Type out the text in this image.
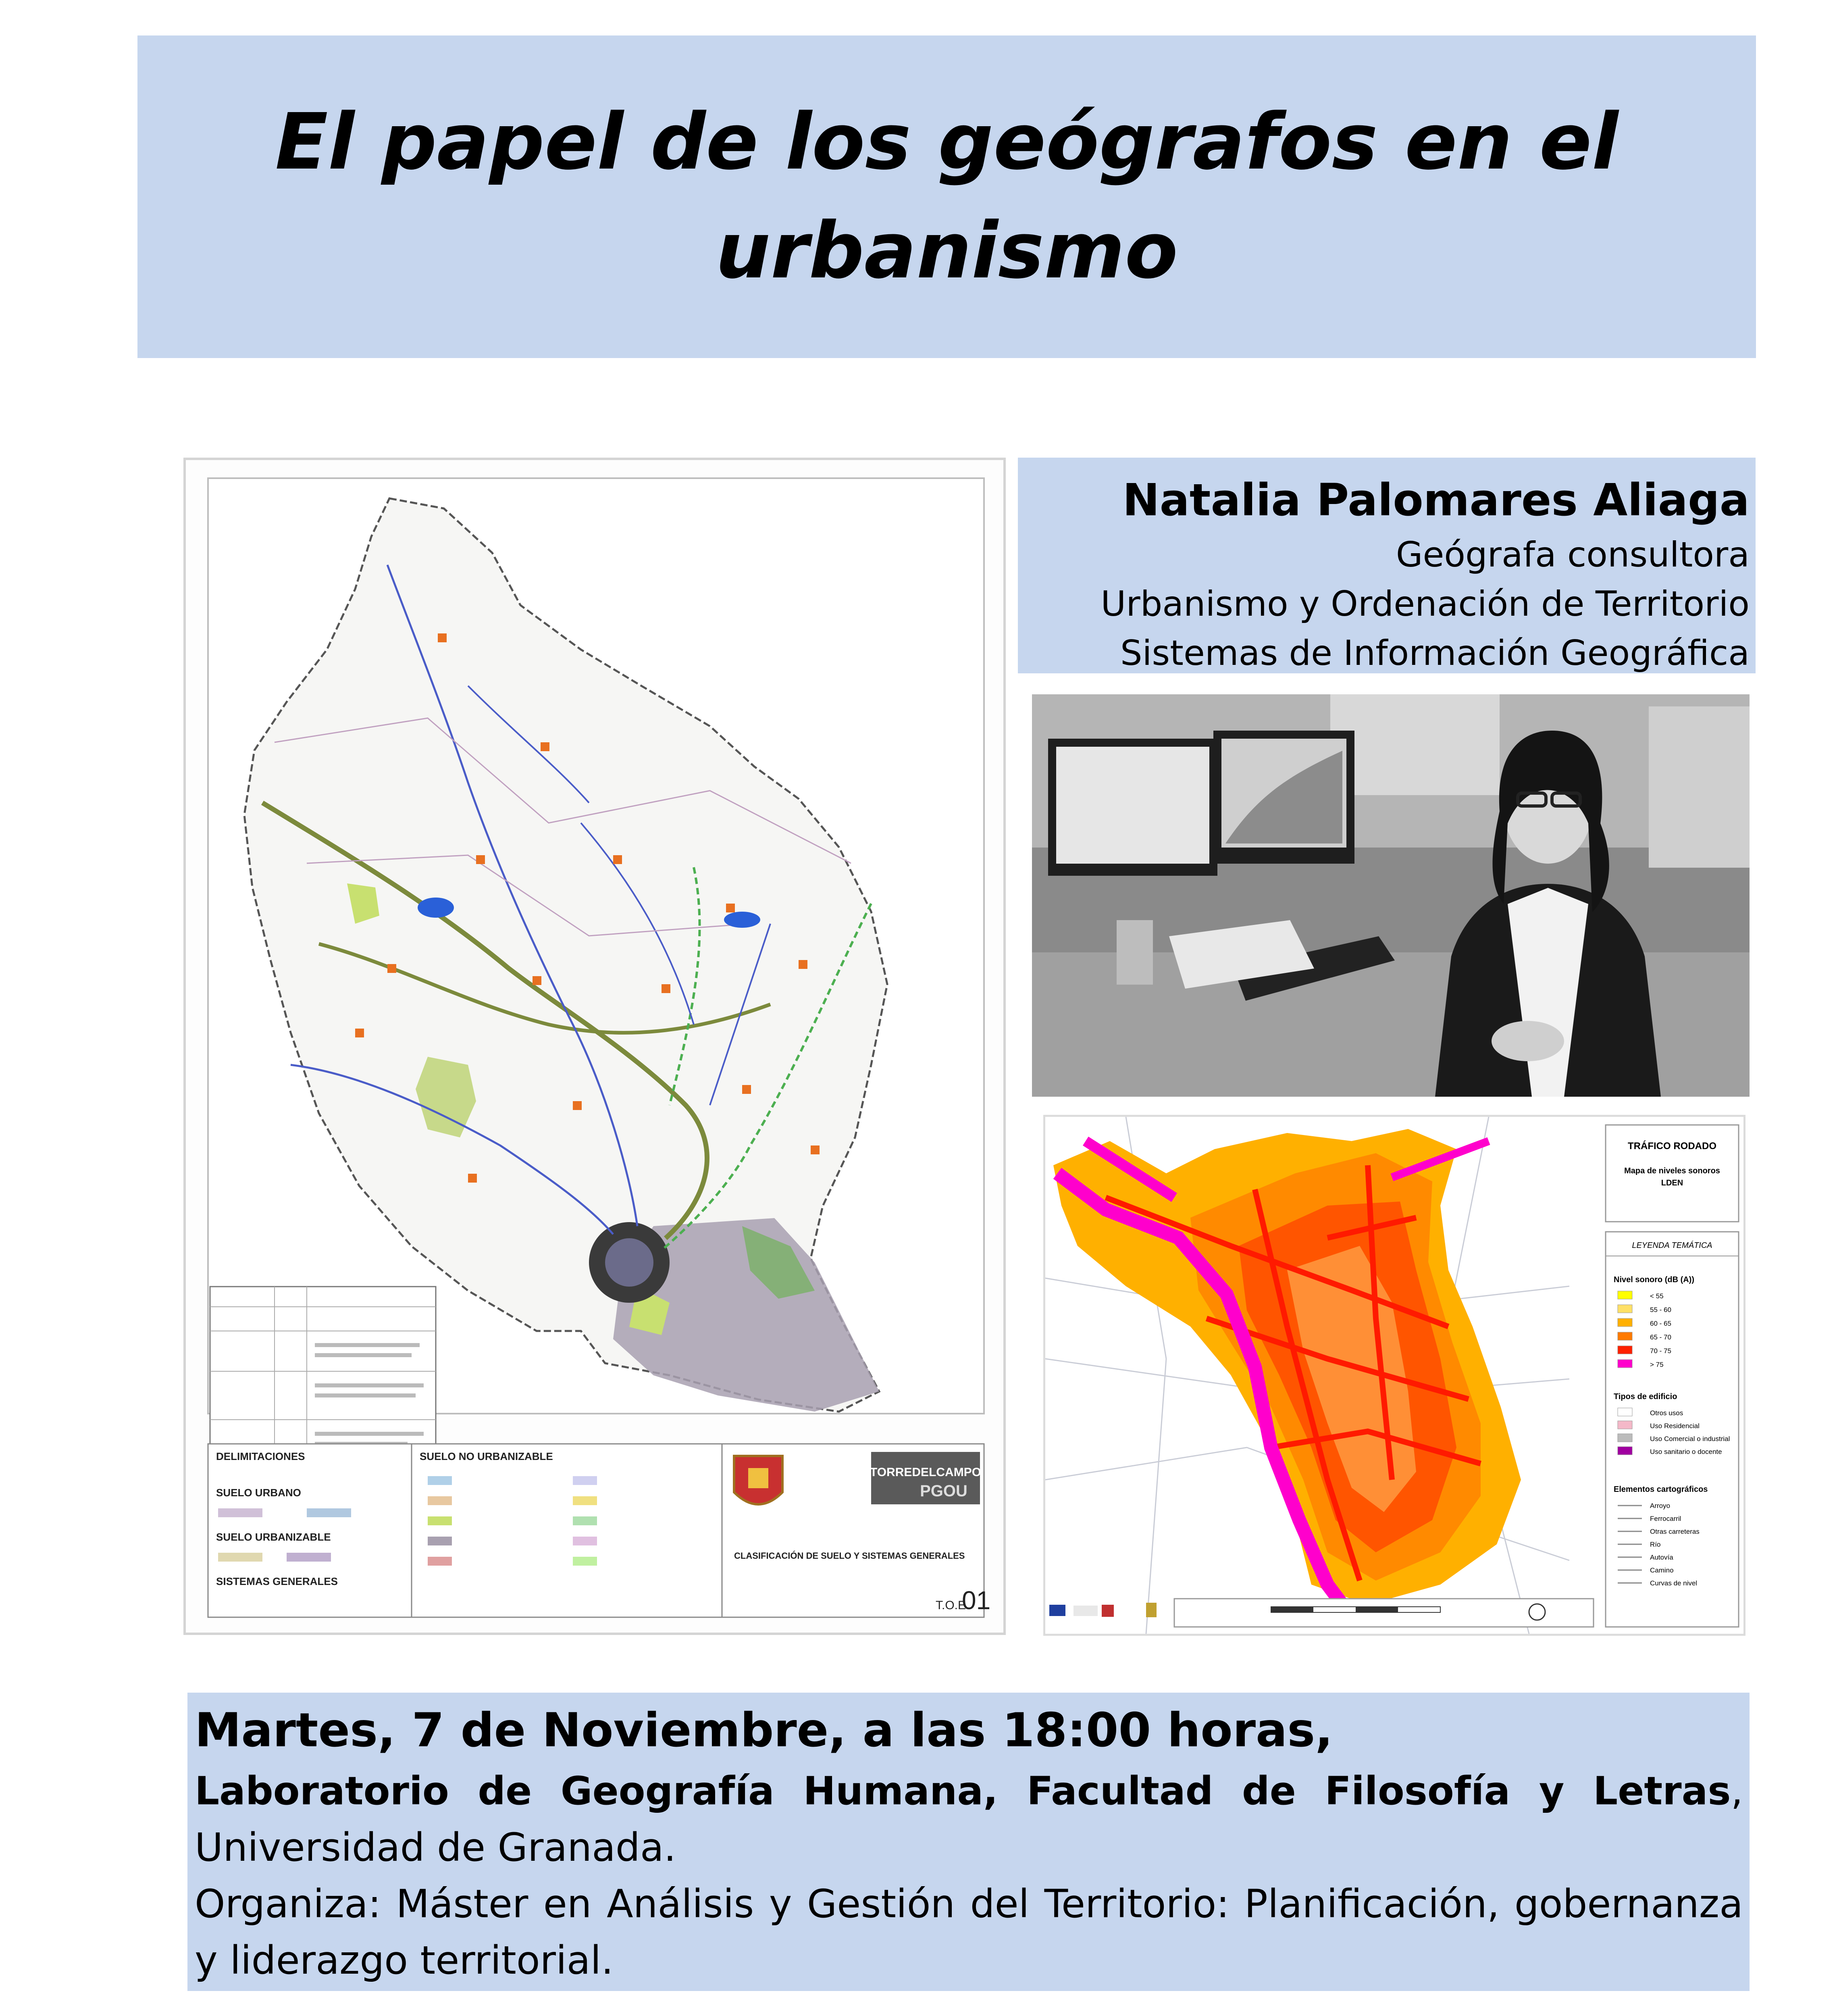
El papel de los geógrafos en el urbanismo
DELIMITACIONES
SUELO URBANO
SUELO URBANIZABLE
SISTEMAS GENERALES
SUELO NO URBANIZABLE
TORREDELCAMPO
PGOU
CLASIFICACIÓN DE SUELO Y SISTEMAS GENERALES
T.O.E.
01
Natalia Palomares Aliaga
Geógrafa consultora
Urbanismo y Ordenación de Territorio
Sistemas de Información Geográfica
TRÁFICO RODADO
Mapa de niveles sonoros
LDEN
LEYENDA TEMÁTICA
Nivel sonoro (dB (A))
< 55
55 - 60
60 - 65
65 - 70
70 - 75
> 75
Tipos de edificio
Otros usos
Uso Residencial
Uso Comercial o industrial
Uso sanitario o docente
Elementos cartográficos
Arroyo
Ferrocarril
Otras carreteras
Río
Autovía
Camino
Curvas de nivel
Martes, 7 de Noviembre, a las 18:00 horas,
Laboratorio de Geografía Humana, Facultad de Filosofía y Letras, Universidad de Granada.
Organiza: Máster en Análisis y Gestión del Territorio: Planificación, gobernanza y liderazgo territorial.
